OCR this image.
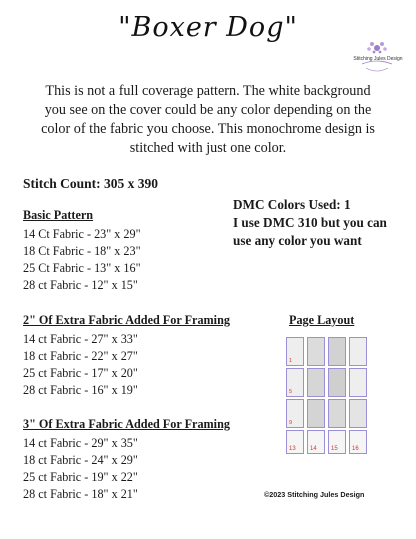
"Boxer Dog"
Stitching Jules Design
This is not a full coverage pattern. The white background you see on the cover could be any color depending on the color of the fabric you choose. This monochrome design is stitched with just one color.
Stitch Count: 305 x 390
DMC Colors Used: 1
I use DMC 310 but you can
use any color you want
Basic Pattern
14 Ct Fabric - 23" x 29"
18 Ct Fabric - 18" x 23"
25 Ct Fabric - 13" x 16"
28 ct Fabric - 12" x 15"
2" Of Extra Fabric Added For Framing
14 ct Fabric - 27" x 33"
18 ct Fabric - 22" x 27"
25 ct Fabric - 17" x 20"
28 ct Fabric - 16" x 19"
3" Of Extra Fabric Added For Framing
14 ct Fabric - 29" x 35"
18 ct Fabric - 24" x 29"
25 ct Fabric - 19" x 22"
28 ct Fabric - 18" x 21"
Page Layout
1
5
9
13 14 15 16
©2023 Stitching Jules Design
